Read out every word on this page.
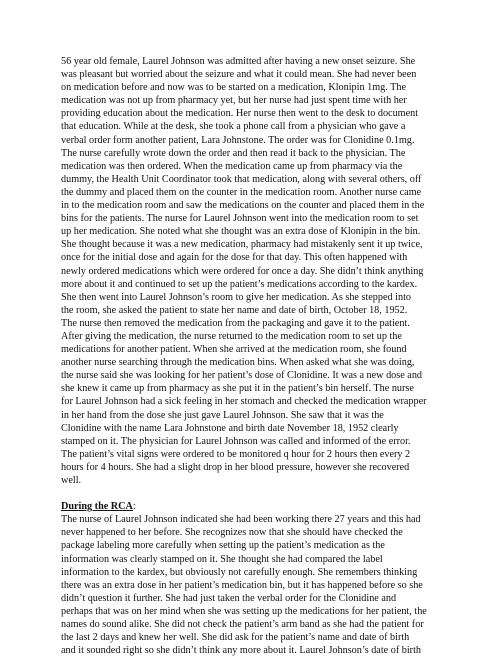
56 year old female, Laurel Johnson was admitted after having a new onset seizure. She
was pleasant but worried about the seizure and what it could mean. She had never been
on medication before and now was to be started on a medication, Klonipin 1mg. The
medication was not up from pharmacy yet, but her nurse had just spent time with her
providing education about the medication. Her nurse then went to the desk to document
that education. While at the desk, she took a phone call from a physician who gave a
verbal order form another patient, Lara Johnstone. The order was for Clonidine 0.1mg.
The nurse carefully wrote down the order and then read it back to the physician. The
medication was then ordered. When the medication came up from pharmacy via the
dummy, the Health Unit Coordinator took that medication, along with several others, off
the dummy and placed them on the counter in the medication room. Another nurse came
in to the medication room and saw the medications on the counter and placed them in the
bins for the patients. The nurse for Laurel Johnson went into the medication room to set
up her medication. She noted what she thought was an extra dose of Klonipin in the bin.
She thought because it was a new medication, pharmacy had mistakenly sent it up twice,
once for the initial dose and again for the dose for that day. This often happened with
newly ordered medications which were ordered for once a day. She didn’t think anything
more about it and continued to set up the patient’s medications according to the kardex.
She then went into Laurel Johnson’s room to give her medication. As she stepped into
the room, she asked the patient to state her name and date of birth, October 18, 1952.
The nurse then removed the medication from the packaging and gave it to the patient.
After giving the medication, the nurse returned to the medication room to set up the
medications for another patient. When she arrived at the medication room, she found
another nurse searching through the medication bins. When asked what she was doing,
the nurse said she was looking for her patient’s dose of Clonidine. It was a new dose and
she knew it came up from pharmacy as she put it in the patient’s bin herself. The nurse
for Laurel Johnson had a sick feeling in her stomach and checked the medication wrapper
in her hand from the dose she just gave Laurel Johnson. She saw that it was the
Clonidine with the name Lara Johnstone and birth date November 18, 1952 clearly
stamped on it. The physician for Laurel Johnson was called and informed of the error.
The patient’s vital signs were ordered to be monitored q hour for 2 hours then every 2
hours for 4 hours. She had a slight drop in her blood pressure, however she recovered
well.
During the RCA:
The nurse of Laurel Johnson indicated she had been working there 27 years and this had
never happened to her before. She recognizes now that she should have checked the
package labeling more carefully when setting up the patient’s medication as the
information was clearly stamped on it. She thought she had compared the label
information to the kardex, but obviously not carefully enough. She remembers thinking
there was an extra dose in her patient’s medication bin, but it has happened before so she
didn’t question it further. She had just taken the verbal order for the Clonidine and
perhaps that was on her mind when she was setting up the medications for her patient, the
names do sound alike. She did not check the patient’s arm band as she had the patient for
the last 2 days and knew her well. She did ask for the patient’s name and date of birth
and it sounded right so she didn’t think any more about it. Laurel Johnson’s date of birth
